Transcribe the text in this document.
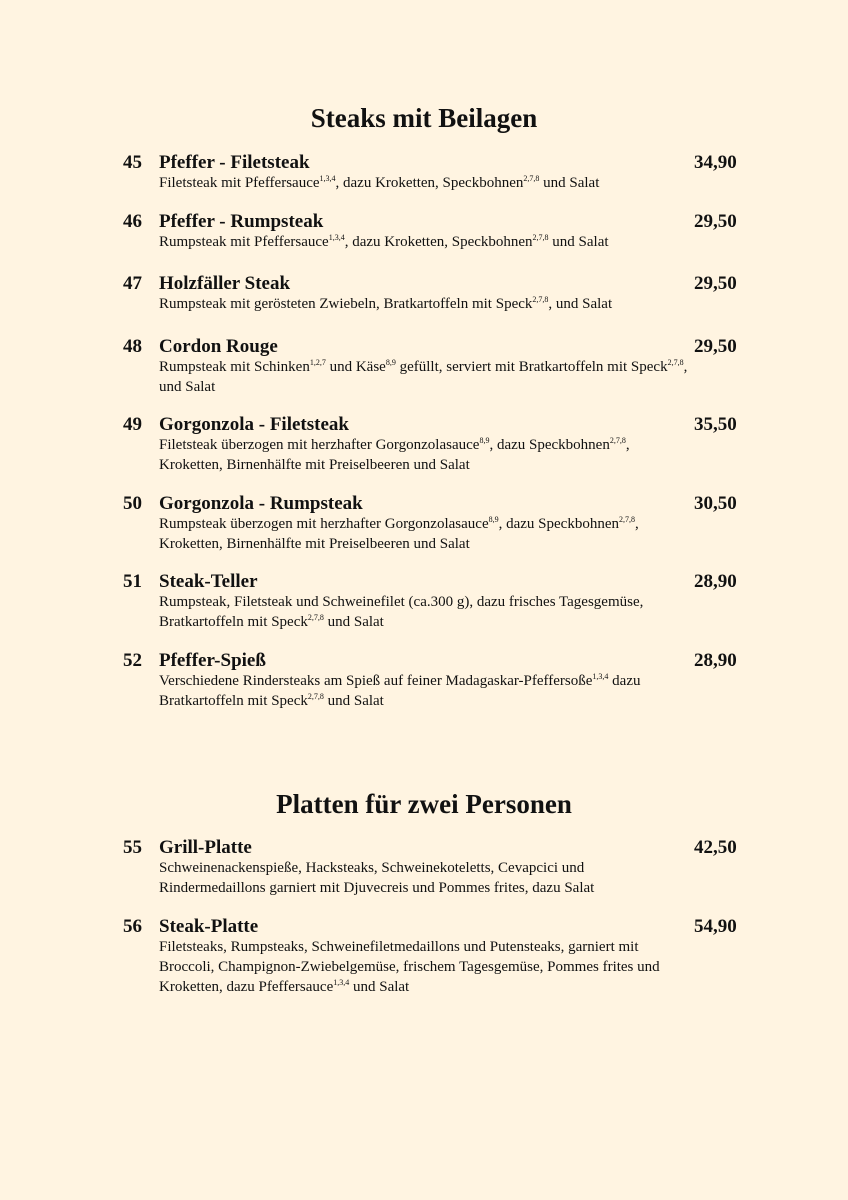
Steaks mit Beilagen
45 Pfeffer - Filetsteak	34,90
Filetsteak mit Pfeffersauce$^{1,3,4}$, dazu Kroketten, Speckbohnen$^{2,7,8}$ und Salat
46 Pfeffer - Rumpsteak	29,50
Rumpsteak mit Pfeffersauce$^{1,3,4}$, dazu Kroketten, Speckbohnen$^{2,7,8}$ und Salat
47 Holzfäller Steak	29,50
Rumpsteak mit gerösteten Zwiebeln, Bratkartoffeln mit Speck$^{2,7,8}$, und Salat
48 Cordon Rouge	29,50
Rumpsteak mit Schinken$^{1,2,7}$ und Käse$^{8,9}$ gefüllt, serviert mit Bratkartoffeln mit Speck$^{2,7,8}$, und Salat
49 Gorgonzola - Filetsteak	35,50
Filetsteak überzogen mit herzhafter Gorgonzolasauce$^{8,9}$, dazu Speckbohnen$^{2,7,8}$, Kroketten, Birnenhälfte mit Preiselbeeren und Salat
50 Gorgonzola - Rumpsteak	30,50
Rumpsteak überzogen mit herzhafter Gorgonzolasauce$^{8,9}$, dazu Speckbohnen$^{2,7,8}$, Kroketten, Birnenhälfte mit Preiselbeeren und Salat
51 Steak-Teller	28,90
Rumpsteak, Filetsteak und Schweinefilet (ca.300 g), dazu frisches Tagesgemüse, Bratkartoffeln mit Speck$^{2,7,8}$ und Salat
52 Pfeffer-Spieß	28,90
Verschiedene Rindersteaks am Spieß auf feiner Madagaskar-Pfeffersoße$^{1,3,4}$ dazu Bratkartoffeln mit Speck$^{2,7,8}$ und Salat
Platten für zwei Personen
55 Grill-Platte	42,50
Schweinenackenspieße, Hacksteaks, Schweinekoteletts, Cevapcici und Rindermedaillons garniert mit Djuvecreis und Pommes frites, dazu Salat
56 Steak-Platte	54,90
Filetsteaks, Rumpsteaks, Schweinefiletmedaillons und Putensteaks, garniert mit Broccoli, Champignon-Zwiebelgemüse, frischem Tagesgemüse, Pommes frites und Kroketten, dazu Pfeffersauce$^{1,3,4}$ und Salat
